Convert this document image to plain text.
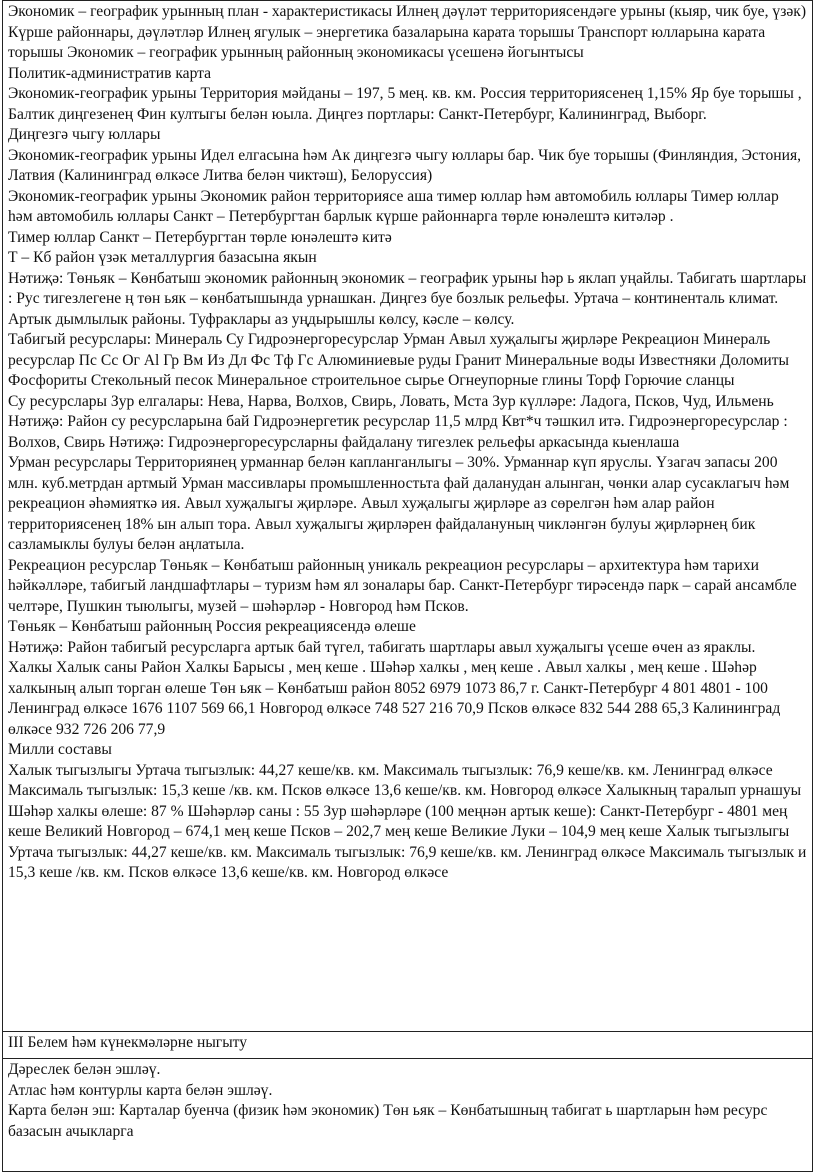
Экономик – географик урынның план - характеристикасы Илнең дәүләт территориясендәге урыны (кыяр, чик буе, үзәк) Күрше районнары, дәүләтләр Илнең ягулык – энергетика базаларына карата торышы Транспорт юлларына карата торышы Экономик – географик урынның районның экономикасы үсешенә йогынтысы

Политик-административ карта

Экономик-географик урыны Территория мәйданы – 197, 5 мең. кв. км. Россия территориясенең 1,15% Яр буе торышы , Балтик диңгезенең Фин култыгы белән юыла. Диңгез портлары: Санкт-Петербург, Калининград, Выборг.

Диңгезгә чыгу юллары

Экономик-географик урыны Идел елгасына һәм Ак диңгезгә чыгу юллары бар. Чик буе торышы (Финляндия, Эстония, Латвия (Калининград өлкәсе Литва белән чиктәш), Белоруссия)

Экономик-географик урыны Экономик район территориясе аша тимер юллар һәм автомобиль юллары Тимер юллар һәм автомобиль юллары Санкт – Петербургтан барлык күрше районнарга төрле юнәлештә китәләр .

Тимер юллар Санкт – Петербургтан төрле юнәлештә китә

Т – Кб район үзәк металлургия базасына якын

Нәтиҗә: Төньяк – Көнбатыш экономик районның экономик – географик урыны һәр ь яклап уңайлы. Табигать шартлары : Рус тигезлегене ң төн ьяк – көнбатышында урнашкан. Диңгез буе бозлык рельефы. Уртача – континенталь климат. Артык дымлылык районы. Туфраклары аз уңдырышлы көлсу, кәсле – көлсу.

Табигый ресурслары: Минераль Су Гидроэнергоресурслар Урман Авыл хуҗалыгы җирләре Рекреацион Минераль ресурслар Пс Сс Ог Al Гр Вм Из Дл Фс Тф Гс Алюминиевые руды Гранит Минеральные воды Известняки Доломиты Фосфориты Стекольный песок Минеральное строительное сырье Огнеупорные глины Торф Горючие сланцы

Су ресурслары Зур елгалары: Нева, Нарва, Волхов, Свирь, Ловать, Мста Зур күлләре: Ладога, Псков, Чуд, Ильмень Нәтиҗә: Район су ресурсларына бай Гидроэнергетик ресурслар 11,5 млрд Квт*ч тәшкил итә. Гидроэнергоресурслар : Волхов, Свирь Нәтиҗә: Гидроэнергоресурсларны файдалану тигезлек рельефы аркасында кыенлаша

Урман ресурслары Территориянең урманнар белән капланганлыгы – 30%. Урманнар күп яруслы. Үзагач запасы 200 млн. куб.метрдан артмый Урман массивлары промышленностьта фай даланудан алынган, чөнки алар сусаклагыч һәм рекреацион әһәмияткә ия. Авыл хуҗалыгы җирләре. Авыл хуҗалыгы җирләре аз сөрелгән һәм алар район территориясенең 18% ын алып тора. Авыл хуҗалыгы җирләрен файдалануның чикләнгән булуы җирләрнең бик сазламыклы булуы белән аңлатыла.

Рекреацион ресурслар Төньяк – Көнбатыш районның уникаль рекреацион ресурслары – архитектура һәм тарихи һәйкәлләре, табигый ландшафтлары – туризм һәм ял зоналары бар. Санкт-Петербург тирәсендә парк – сарай ансамбле челтәре, Пушкин тыюлыгы, музей – шәһәрләр - Новгород һәм Псков.

Төньяк – Көнбатыш районның Россия рекреациясендә өлеше

Нәтиҗә: Район табигый ресурсларга артык бай түгел, табигать шартлары авыл хуҗалыгы үсеше өчен аз яраклы.

Халкы Халык саны Район Халкы Барысы , мең кеше . Шәһәр халкы , мең кеше . Авыл халкы , мең кеше . Шәһәр халкының алып торган өлеше Төн ьяк – Көнбатыш район 8052 6979 1073 86,7 г. Санкт-Петербург 4 801 4801 - 100 Ленинград өлкәсе 1676 1107 569 66,1 Новгород өлкәсе 748 527 216 70,9 Псков өлкәсе 832 544 288 65,3 Калининград өлкәсе 932 726 206 77,9

Милли составы

Халык тыгызлыгы Уртача тыгызлык: 44,27 кеше/кв. км. Максималь тыгызлык: 76,9 кеше/кв. км. Ленинград өлкәсе Максималь тыгызлык: 15,3 кеше /кв. км. Псков өлкәсе 13,6 кеше/кв. км. Новгород өлкәсе Халыкның таралып урнашуы Шәһәр халкы өлеше: 87 % Шәһәрләр саны : 55 Зур шәһәрләре (100 меңнән артык кеше): Санкт-Петербург - 4801 мең кеше Великий Новгород – 674,1 мең кеше Псков – 202,7 мең кеше Великие Луки – 104,9 мең кеше Халык тыгызлыгы Уртача тыгызлык: 44,27 кеше/кв. км. Максималь тыгызлык: 76,9 кеше/кв. км. Ленинград өлкәсе Максималь тыгызлык и 15,3 кеше /кв. км. Псков өлкәсе 13,6 кеше/кв. км. Новгород өлкәсе

III Белем һәм күнекмәләрне ныгыту

Дәреслек белән эшләү.

Атлас һәм контурлы карта белән эшләү.

Карта белән эш: Карталар буенча (физик һәм экономик) Төн ьяк – Көнбатышның табигат ь шартларын һәм ресурс базасын ачыкларга
